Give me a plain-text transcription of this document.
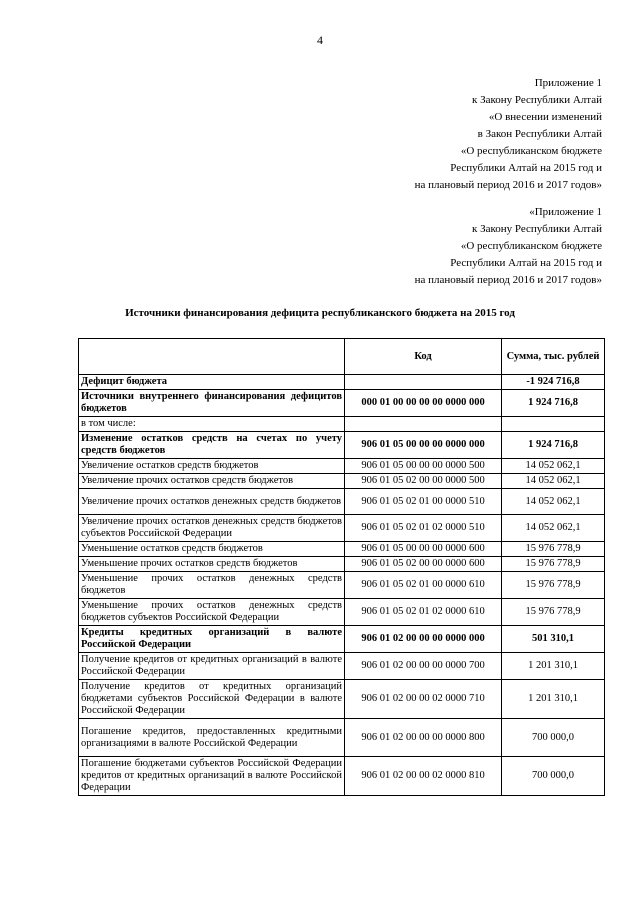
4
Приложение 1
к Закону Республики Алтай
«О внесении изменений
в Закон Республики Алтай
«О республиканском бюджете
Республики Алтай на 2015 год и
на плановый период 2016 и 2017 годов»
«Приложение 1
к Закону Республики Алтай
«О республиканском бюджете
Республики Алтай на 2015 год и
на плановый период 2016 и 2017 годов»
Источники финансирования дефицита республиканского бюджета на 2015 год
	Код	Сумма, тыс. рублей
Дефицит бюджета		-1 924 716,8
Источники внутреннего финансирования дефицитов бюджетов	000 01 00 00 00 00 0000 000	1 924 716,8
в том числе:		
Изменение остатков средств на счетах по учету средств бюджетов	906 01 05 00 00 00 0000 000	1 924 716,8
Увеличение остатков средств бюджетов	906 01 05 00 00 00 0000 500	14 052 062,1
Увеличение прочих остатков средств бюджетов	906 01 05 02 00 00 0000 500	14 052 062,1
Увеличение прочих остатков денежных средств бюджетов	906 01 05 02 01 00 0000 510	14 052 062,1
Увеличение прочих остатков денежных средств бюджетов субъектов Российской Федерации	906 01 05 02 01 02 0000 510	14 052 062,1
Уменьшение остатков средств бюджетов	906 01 05 00 00 00 0000 600	15 976 778,9
Уменьшение прочих остатков средств бюджетов	906 01 05 02 00 00 0000 600	15 976 778,9
Уменьшение прочих остатков денежных средств бюджетов	906 01 05 02 01 00 0000 610	15 976 778,9
Уменьшение прочих остатков денежных средств бюджетов субъектов Российской Федерации	906 01 05 02 01 02 0000 610	15 976 778,9
Кредиты кредитных организаций в валюте Российской Федерации	906 01 02 00 00 00 0000 000	501 310,1
Получение кредитов от кредитных организаций в валюте Российской Федерации	906 01 02 00 00 00 0000 700	1 201 310,1
Получение кредитов от кредитных организаций бюджетами субъектов Российской Федерации в валюте Российской Федерации	906 01 02 00 00 02 0000 710	1 201 310,1
Погашение кредитов, предоставленных кредитными организациями в валюте Российской Федерации	906 01 02 00 00 00 0000 800	700 000,0
Погашение бюджетами субъектов Российской Федерации кредитов от кредитных организаций в валюте Российской Федерации	906 01 02 00 00 02 0000 810	700 000,0
